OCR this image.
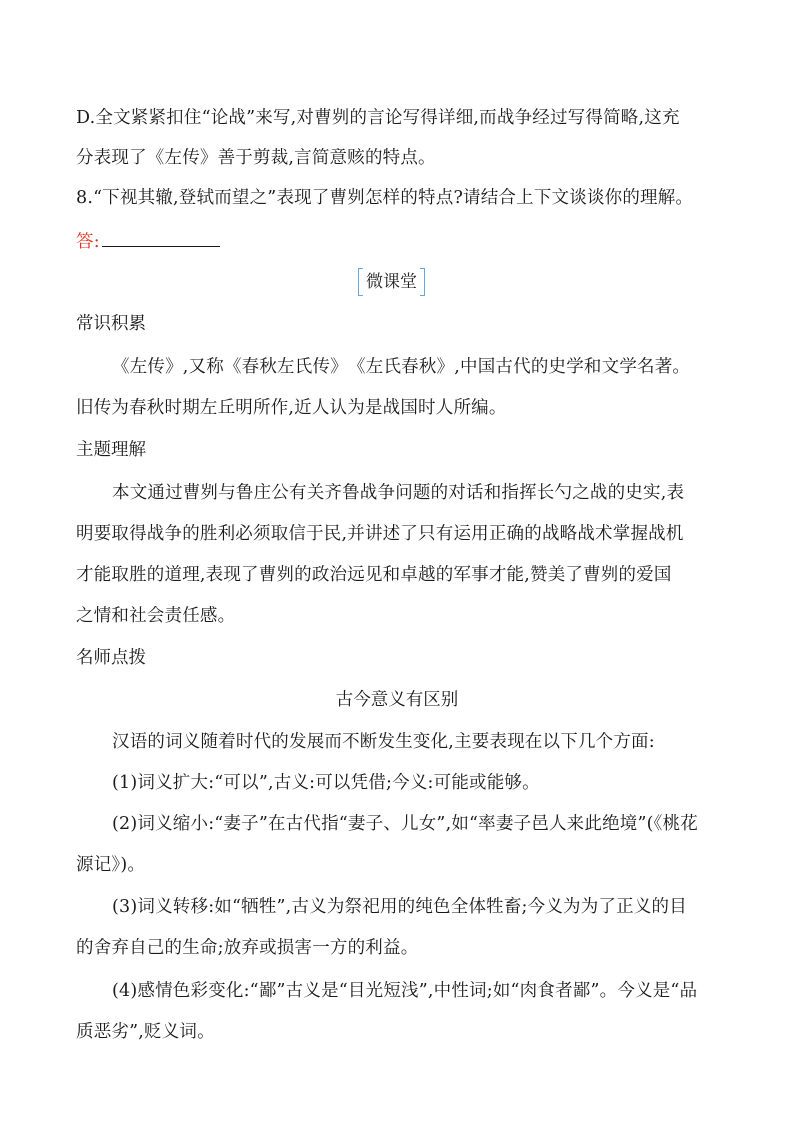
D.全文紧紧扣住“论战”来写,对曹刿的言论写得详细,而战争经过写得简略,这充
分表现了《左传》善于剪裁,言简意赅的特点。
8.“下视其辙,登轼而望之”表现了曹刿怎样的特点?请结合上下文谈谈你的理解。
答:
微课堂
常识积累
《左传》,又称《春秋左氏传》　《左氏春秋》,中国古代的史学和文学名著。
旧传为春秋时期左丘明所作,近人认为是战国时人所编。
主题理解
本文通过曹刿与鲁庄公有关齐鲁战争问题的对话和指挥长勺之战的史实,表
明要取得战争的胜利必须取信于民,并讲述了只有运用正确的战略战术掌握战机
才能取胜的道理,表现了曹刿的政治远见和卓越的军事才能,赞美了曹刿的爱国
之情和社会责任感。
名师点拨
古今意义有区别
汉语的词义随着时代的发展而不断发生变化,主要表现在以下几个方面:
(1)词义扩大:“可以”,古义:可以凭借;今义:可能或能够。
(2)词义缩小:“妻子”在古代指“妻子、儿女”,如“率妻子邑人来此绝境”(《桃花
源记》)。
(3)词义转移:如“牺牲”,古义为祭祀用的纯色全体牲畜;今义为为了正义的目
的舍弃自己的生命;放弃或损害一方的利益。
(4)感情色彩变化:“鄙”古义是“目光短浅”,中性词;如“肉食者鄙”。今义是“品
质恶劣”,贬义词。
